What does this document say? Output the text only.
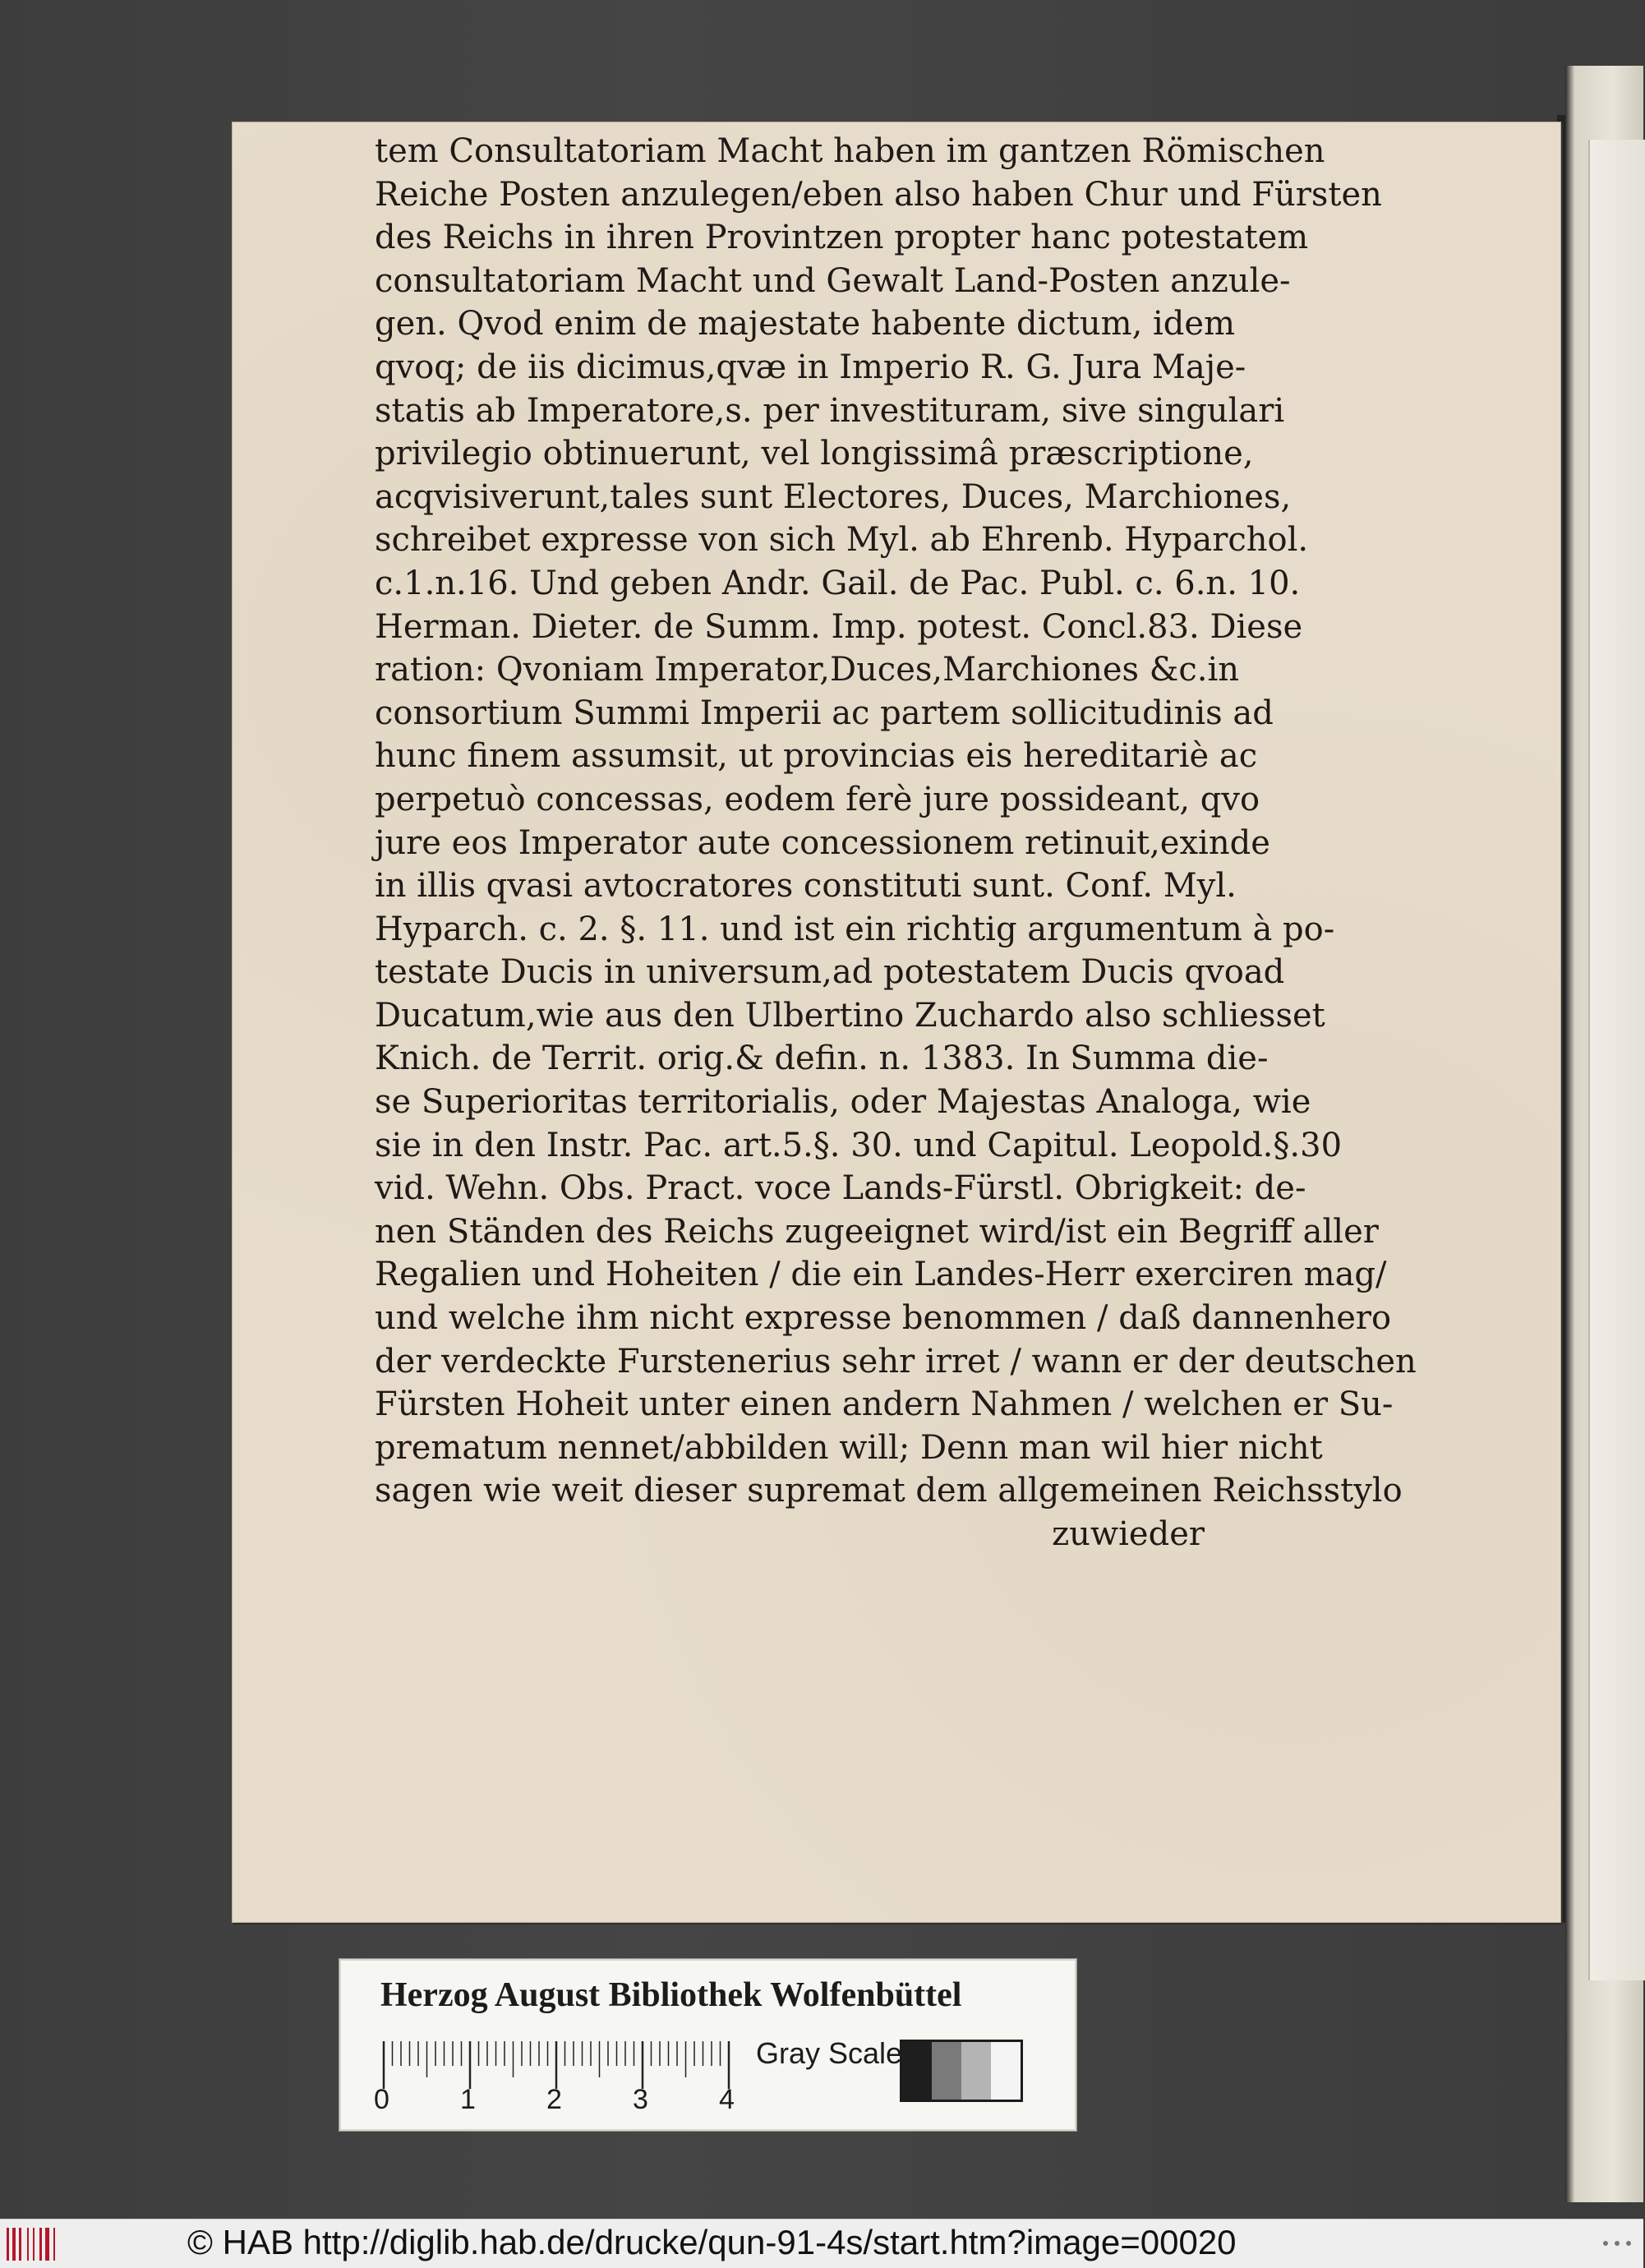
tem Consultatoriam Macht haben im gantzen Römischen
Reiche Posten anzulegen/eben also haben Chur und Fürsten
des Reichs in ihren Provintzen propter hanc potestatem
consultatoriam Macht und Gewalt Land-Posten anzule-
gen. Qvod enim de majestate habente dictum, idem
qvoq; de iis dicimus,qvæ in Imperio R. G. Jura Maje-
statis ab Imperatore,s. per investituram, sive singulari
privilegio obtinuerunt, vel longissimâ præscriptione,
acqvisiverunt,tales sunt Electores, Duces, Marchiones,
schreibet expresse von sich Myl. ab Ehrenb. Hyparchol.
c.1.n.16. Und geben Andr. Gail. de Pac. Publ. c. 6.n. 10.
Herman. Dieter. de Summ. Imp. potest. Concl.83. Diese
ration: Qvoniam Imperator,Duces,Marchiones &c.in
consortium Summi Imperii ac partem sollicitudinis ad
hunc finem assumsit, ut provincias eis hereditariè ac
perpetuò concessas, eodem ferè jure possideant, qvo
jure eos Imperator aute concessionem retinuit,exinde
in illis qvasi avtocratores constituti sunt. Conf. Myl.
Hyparch. c. 2. §. 11. und ist ein richtig argumentum à po-
testate Ducis in universum,ad potestatem Ducis qvoad
Ducatum,wie aus den Ulbertino Zuchardo also schliesset
Knich. de Territ. orig.& defin. n. 1383. In Summa die-
se Superioritas territorialis, oder Majestas Analoga, wie
sie in den Instr. Pac. art.5.§. 30. und Capitul. Leopold.§.30
vid. Wehn. Obs. Pract. voce Lands-Fürstl. Obrigkeit: de-
nen Ständen des Reichs zugeeignet wird/ist ein Begriff aller
Regalien und Hoheiten / die ein Landes-Herr exerciren mag/
und welche ihm nicht expresse benommen / daß dannenhero
der verdeckte Furstenerius sehr irret / wann er der deutschen
Fürsten Hoheit unter einen andern Nahmen / welchen er Su-
prematum nennet/abbilden will; Denn man wil hier nicht
sagen wie weit dieser supremat dem allgemeinen Reichsstylo
zuwieder
Herzog August Bibliothek Wolfenbüttel
0	1	2	3	4
Gray Scale
© HAB http://diglib.hab.de/drucke/qun-91-4s/start.htm?image=00020
